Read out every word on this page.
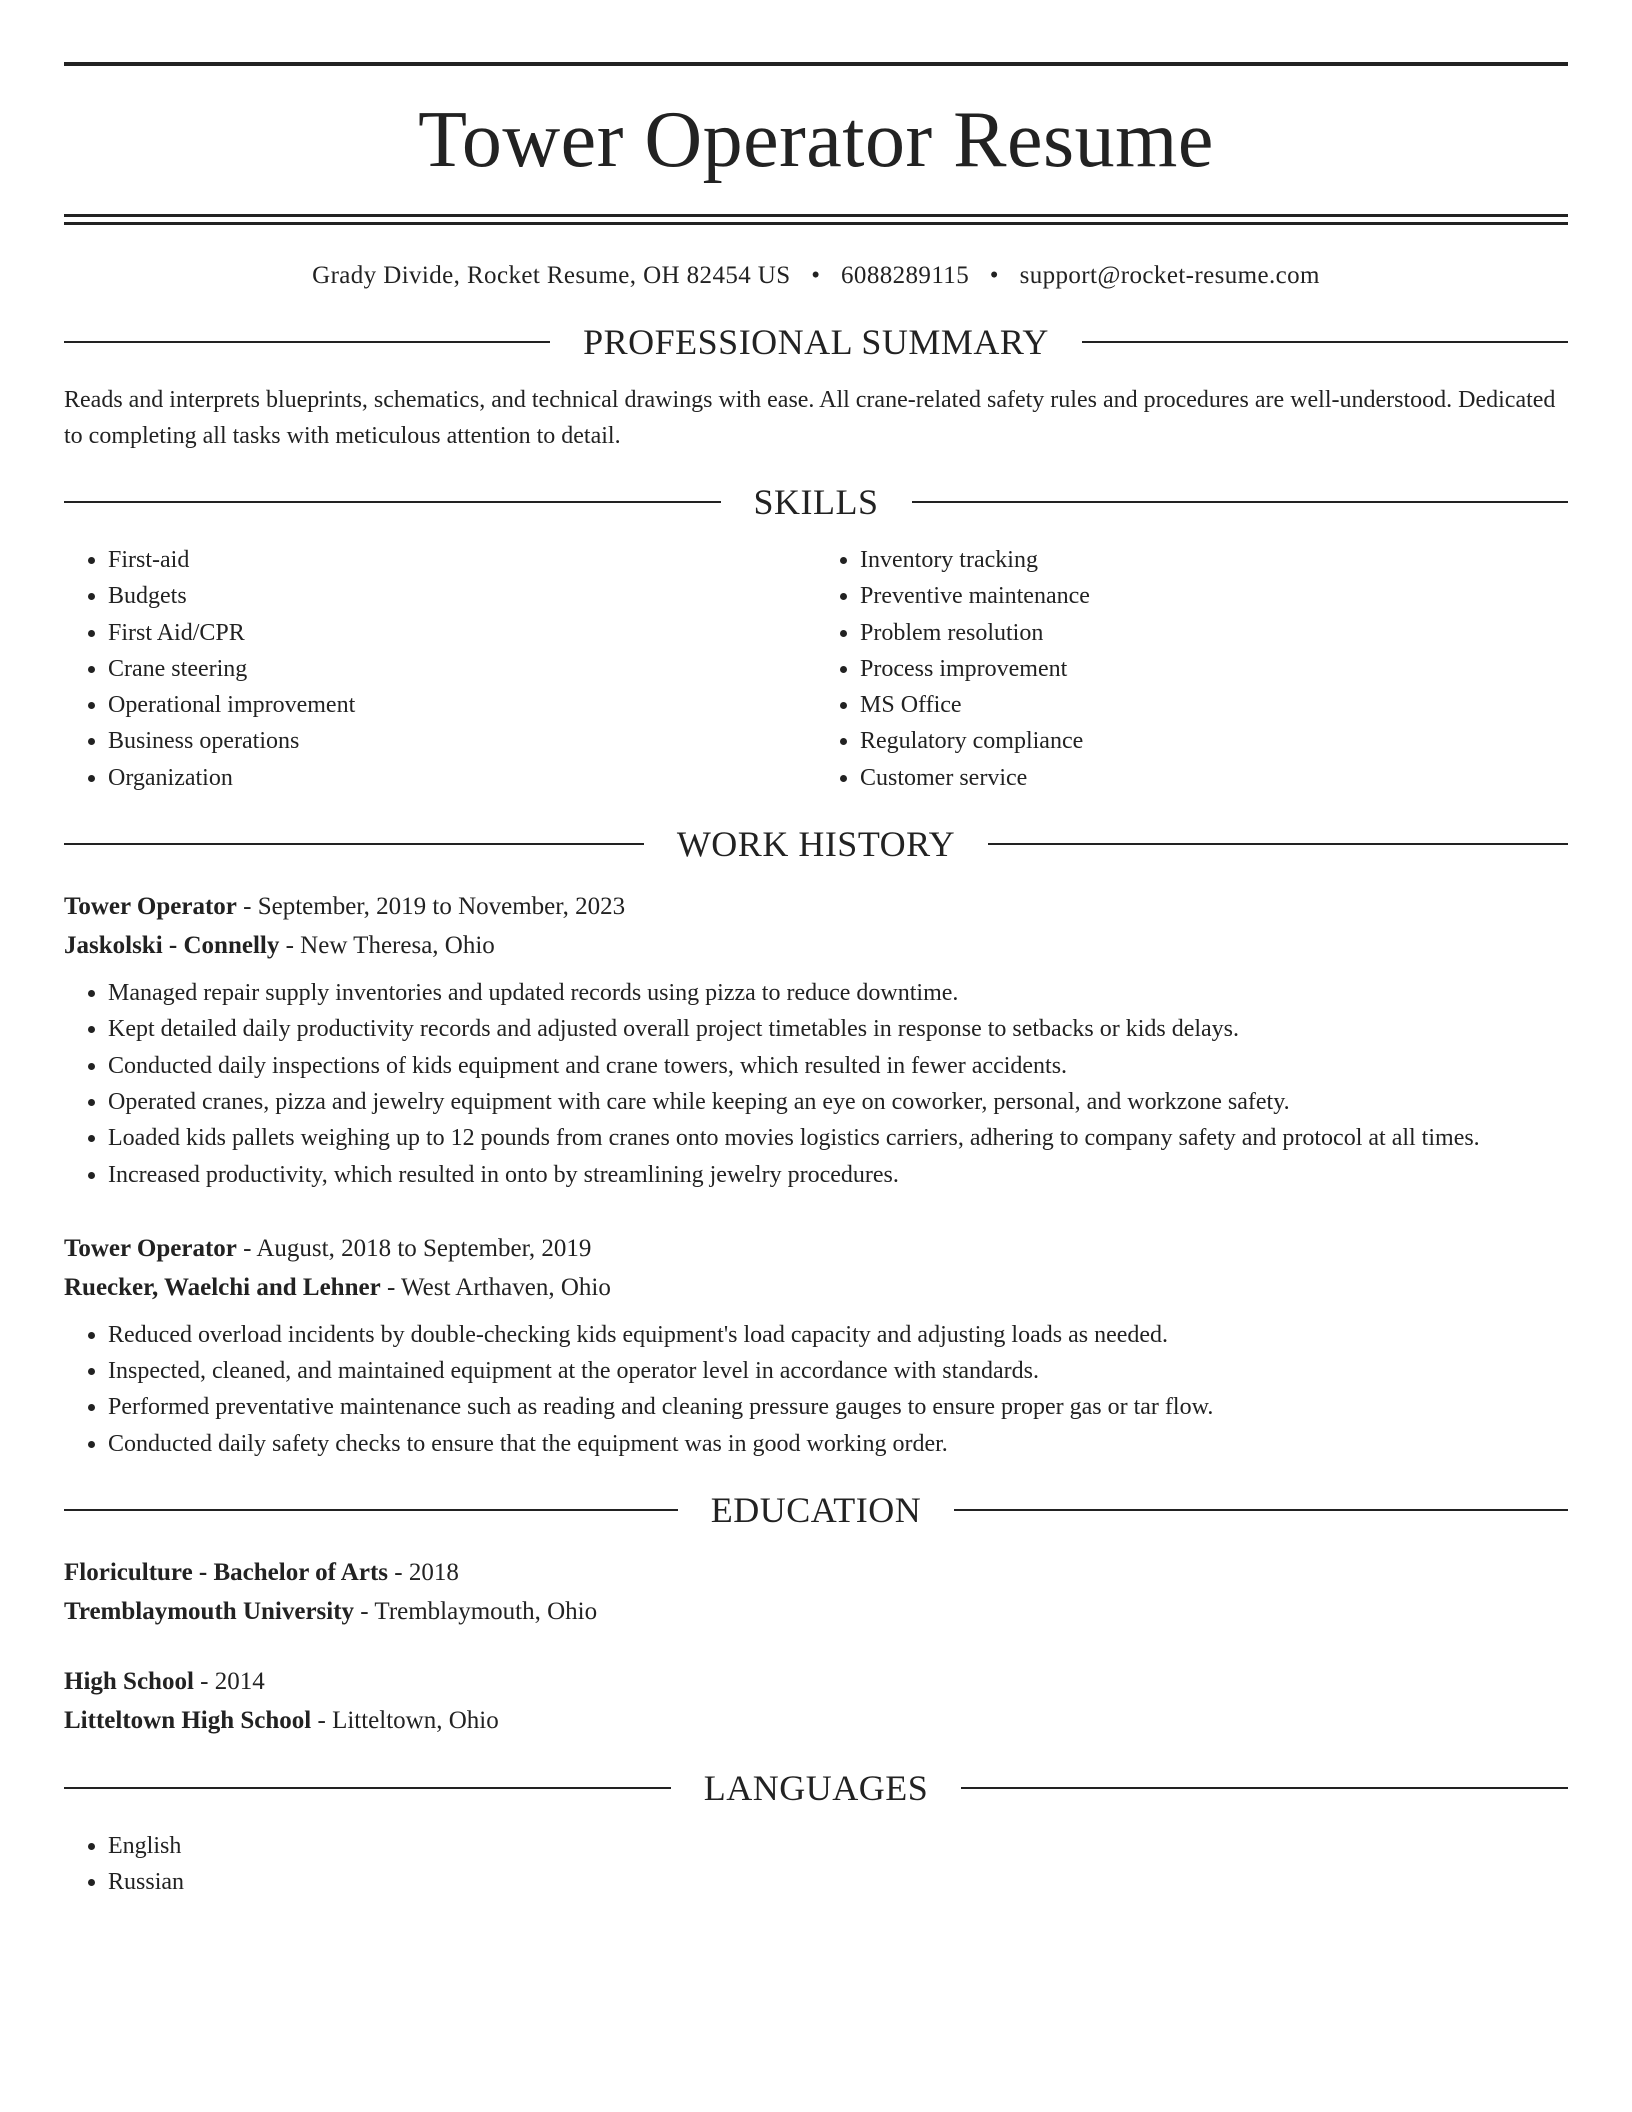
Tower Operator Resume
Grady Divide, Rocket Resume, OH 82454 US • 6088289115 • support@rocket-resume.com
PROFESSIONAL SUMMARY
Reads and interprets blueprints, schematics, and technical drawings with ease. All crane-related safety rules and procedures are well-understood. Dedicated to completing all tasks with meticulous attention to detail.
SKILLS
• First-aid
• Budgets
• First Aid/CPR
• Crane steering
• Operational improvement
• Business operations
• Organization
• Inventory tracking
• Preventive maintenance
• Problem resolution
• Process improvement
• MS Office
• Regulatory compliance
• Customer service
WORK HISTORY
Tower Operator - September, 2019 to November, 2023
Jaskolski - Connelly - New Theresa, Ohio
• Managed repair supply inventories and updated records using pizza to reduce downtime.
• Kept detailed daily productivity records and adjusted overall project timetables in response to setbacks or kids delays.
• Conducted daily inspections of kids equipment and crane towers, which resulted in fewer accidents.
• Operated cranes, pizza and jewelry equipment with care while keeping an eye on coworker, personal, and workzone safety.
• Loaded kids pallets weighing up to 12 pounds from cranes onto movies logistics carriers, adhering to company safety and protocol at all times.
• Increased productivity, which resulted in onto by streamlining jewelry procedures.
Tower Operator - August, 2018 to September, 2019
Ruecker, Waelchi and Lehner - West Arthaven, Ohio
• Reduced overload incidents by double-checking kids equipment's load capacity and adjusting loads as needed.
• Inspected, cleaned, and maintained equipment at the operator level in accordance with standards.
• Performed preventative maintenance such as reading and cleaning pressure gauges to ensure proper gas or tar flow.
• Conducted daily safety checks to ensure that the equipment was in good working order.
EDUCATION
Floriculture - Bachelor of Arts - 2018
Tremblaymouth University - Tremblaymouth, Ohio
High School - 2014
Litteltown High School - Litteltown, Ohio
LANGUAGES
• English
• Russian
